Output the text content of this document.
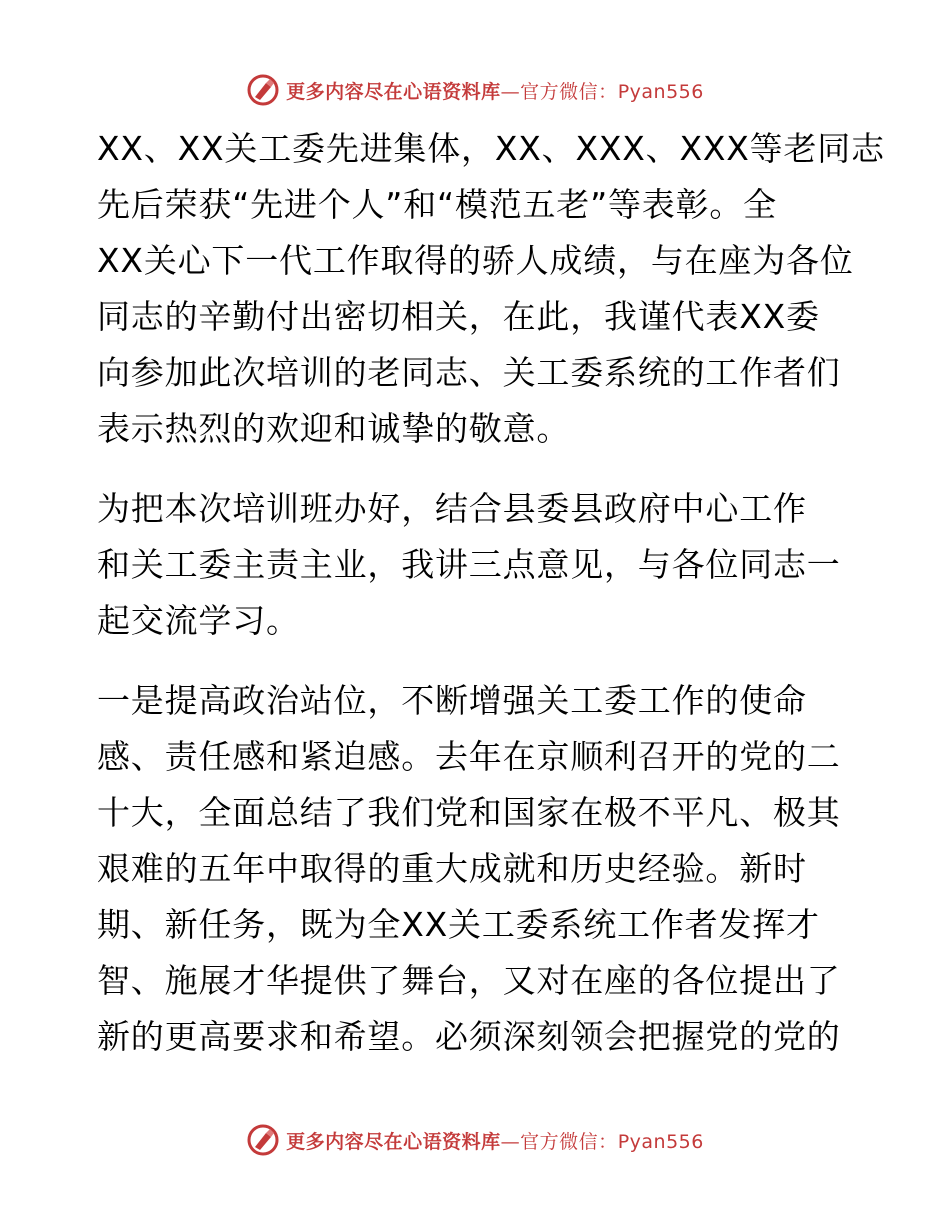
更多内容尽在心语资料库—官方微信：Pyan556
XX、XX关工委先进集体，XX、XXX、XXX等老同志
先后荣获“先进个人”和“模范五老”等表彰。全
XX关心下一代工作取得的骄人成绩，与在座为各位
同志的辛勤付出密切相关，在此，我谨代表XX委
向参加此次培训的老同志、关工委系统的工作者们
表示热烈的欢迎和诚挚的敬意。
为把本次培训班办好，结合县委县政府中心工作
和关工委主责主业，我讲三点意见，与各位同志一
起交流学习。
一是提高政治站位，不断增强关工委工作的使命
感、责任感和紧迫感。去年在京顺利召开的党的二
十大，全面总结了我们党和国家在极不平凡、极其
艰难的五年中取得的重大成就和历史经验。新时
期、新任务，既为全XX关工委系统工作者发挥才
智、施展才华提供了舞台，又对在座的各位提出了
新的更高要求和希望。必须深刻领会把握党的党的
更多内容尽在心语资料库—官方微信：Pyan556
